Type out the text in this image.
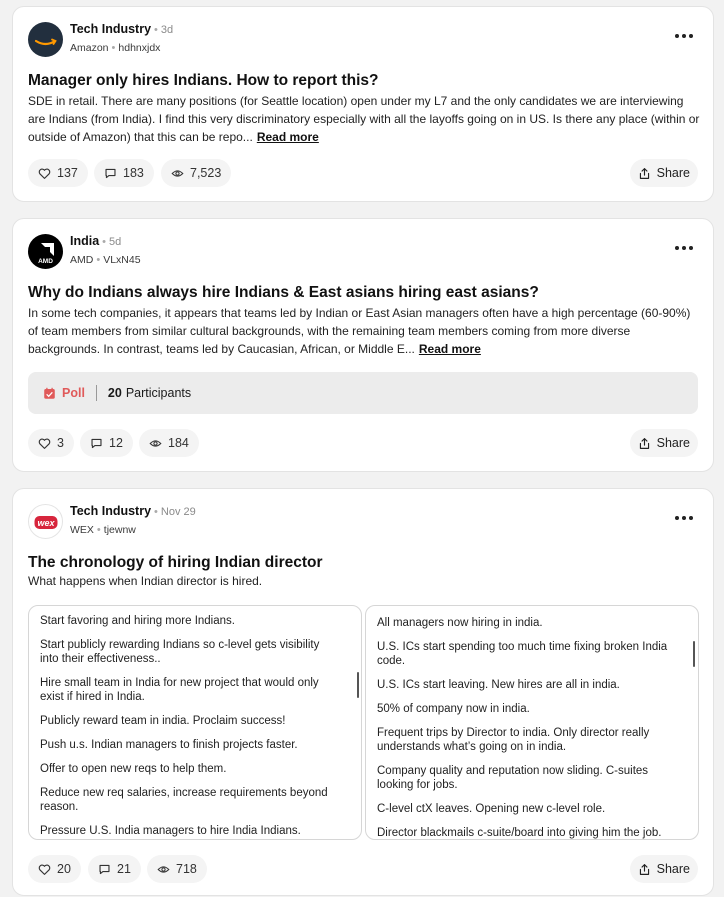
Tech Industry • 3d
Amazon • hdhnxjdx
Manager only hires Indians. How to report this?
SDE in retail. There are many positions (for Seattle location) open under my L7 and the only candidates we are interviewing are Indians (from India). I find this very discriminatory especially with all the layoffs going on in US. Is there any place (within or outside of Amazon) that this can be repo... Read more
137	183	7,523	Share
AMD
India • 5d
AMD • VLxN45
Why do Indians always hire Indians & East asians hiring east asians?
In some tech companies, it appears that teams led by Indian or East Asian managers often have a high percentage (60-90%) of team members from similar cultural backgrounds, with the remaining team members coming from more diverse backgrounds. In contrast, teams led by Caucasian, African, or Middle E... Read more
Poll 20 Participants
3	12	184	Share
wex
Tech Industry • Nov 29
WEX • tjewnw
The chronology of hiring Indian director
What happens when Indian director is hired.
Start favoring and hiring more Indians.
Start publicly rewarding Indians so c-level gets visibility into their effectiveness..
Hire small team in India for new project that would only exist if hired in India.
Publicly reward team in india. Proclaim success!
Push u.s. Indian managers to finish projects faster.
Offer to open new reqs to help them.
Reduce new req salaries, increase requirements beyond reason.
Pressure U.S. India managers to hire India Indians.
All managers now hiring in india.
U.S. ICs start spending too much time fixing broken India code.
U.S. ICs start leaving. New hires are all in india.
50% of company now in india.
Frequent trips by Director to india. Only director really understands what’s going on in india.
Company quality and reputation now sliding. C-suites looking for jobs.
C-level ctX leaves. Opening new c-level role.
Director blackmails c-suite/board into giving him the job.
20	21	718	Share
